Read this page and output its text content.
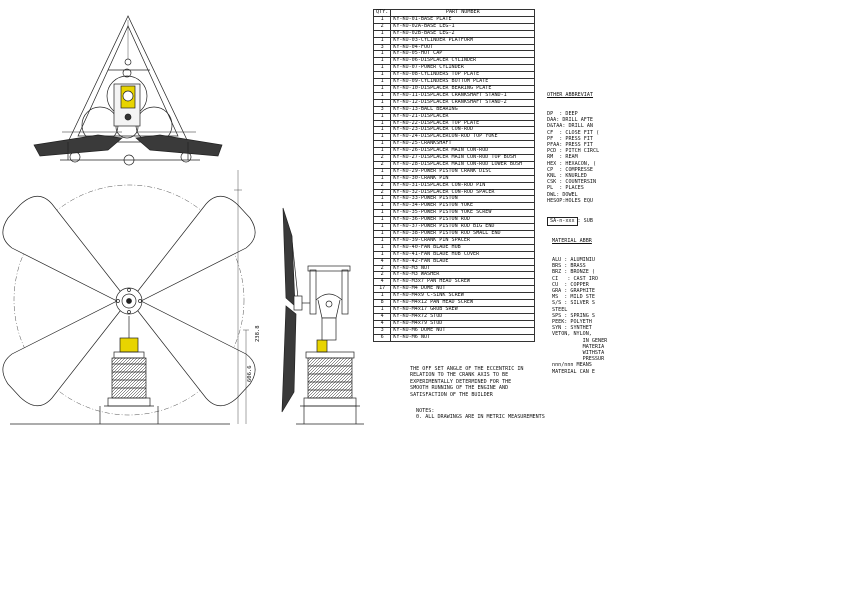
238.8
606.6
QTY.	PART NUMBER
1	KY-KO-01-BASE PLATE
2	KY-KO-02A-BASE LEG-1
1	KY-KO-02B-BASE LEG-2
1	KY-KO-03-CYLINDER PLATFORM
3	KY-KO-04-FOOT
1	KY-KO-05-HOT CAP
1	KY-KO-06-DISPLACER CYLINDER
1	KY-KO-07-POWER CYLINDER
1	KY-KO-08-CYLINDERS TOP PLATE
1	KY-KO-09-CYLINDERS BOTTOM PLATE
1	KY-KO-10-DISPLACER BEARING PLATE
1	KY-KO-11-DISPLACER CRANKSHAFT STAND-1
1	KY-KO-12-DISPLACER CRANKSHAFT STAND-2
3	KY-KO-13-BALL BEARING
1	KY-KO-21-DISPLACER
1	KY-KO-22-DISPLACER TOP PLATE
1	KY-KO-23-DISPLACER CON-ROD
1	KY-KO-24-DISPLACERCON-ROD TOP YOKE
1	KY-KO-25-CRANKSHAFT
1	KY-KO-26-DISPLACER MAIN CON-ROD
2	KY-KO-27-DISPLACER MAIN CON-ROD TOP BUSH
2	KY-KO-28-DISPLACER MAIN CON-ROD LOWER BUSH
1	KY-KO-29-POWER PISTON CRANK DISC
1	KY-KO-30-CRANK PIN
2	KY-KO-31-DISPLACER CON-ROD PIN
2	KY-KO-32-DISPLACER CON-ROD SPACER
1	KY-KO-33-POWER PISTON
1	KY-KO-34-POWER PISTON YOKE
1	KY-KO-35-POWER PISTON YOKE SCREW
1	KY-KO-36-POWER PISTON ROD
1	KY-KO-37-POWER PISTON ROD BIG END
1	KY-KO-38-POWER PISTON ROD SMALL END
1	KY-KO-39-CRANK PIN SPACER
1	KY-KO-40-FAN BLADE HUB
1	KY-KO-41-FAN BLADE HUB COVER
4	KY-KO-42-FAN BLADE
2	KY-KO-M3 NUT
2	KY-KO-M3 WASHER
4	KY-KO-M3x7 PAN HEAD SCREW
17	KY-KO-M4 DOME NUT
1	KY-KO-M4x9 C-SINK SCREW
8	KY-KO-M4x12 PAN HEAD SCREW
1	KY-KO-M4x17 GRUB SREW
4	KY-KO-M4x72 STUD
4	KY-KO-M4x79 STUD
3	KY-KO-M6 DOME NUT
6	KY-KO-M6 NUT

OTHER ABBREVIAT

DP  : DEEP
DAA: DRILL AFTE
D&TAA: DRILL AN
CF  : CLOSE FIT (
PF  : PRESS FIT
PFAA: PRESS FIT
PCD : PITCH CIRCL
RM  : REAM
HEX : HEXACON, (
CP  : COMPRESSE
KNL : KNURLED
CSK : COUNTERSIN
PL  : PLACES
DWL: DOWEL
HESOP:HOLES EQU

SA-n-xxx : SUB

MATERIAL ABBR

ALU : ALUMINIU
BRS : BRASS
BRZ : BRONZE (
CI   : CAST IRO
CU  : COPPER
GRA : GRAPHITE
MS  : MILD STE
S/S : SILVER S
STEEL
SPS : SPRING S
PEEK: POLYETH
SYN : SYNTHET
VETON, NYLON,
IN GENER
MATERIA
WITHSTA
PRESSUR
nnn/nnn MEANS
MATERIAL CAN E

THE OFF SET ANGLE OF THE ECCENTRIC IN
RELATION TO THE CRANK AXIS TO BE
EXPERIMENTALLY DETERMINED FOR THE
SMOOTH RUNNING OF THE ENGINE AND
SATISFACTION OF THE BUILDER
NOTES:
0. ALL DRAWINGS ARE IN METRIC MEASUREMENTS
